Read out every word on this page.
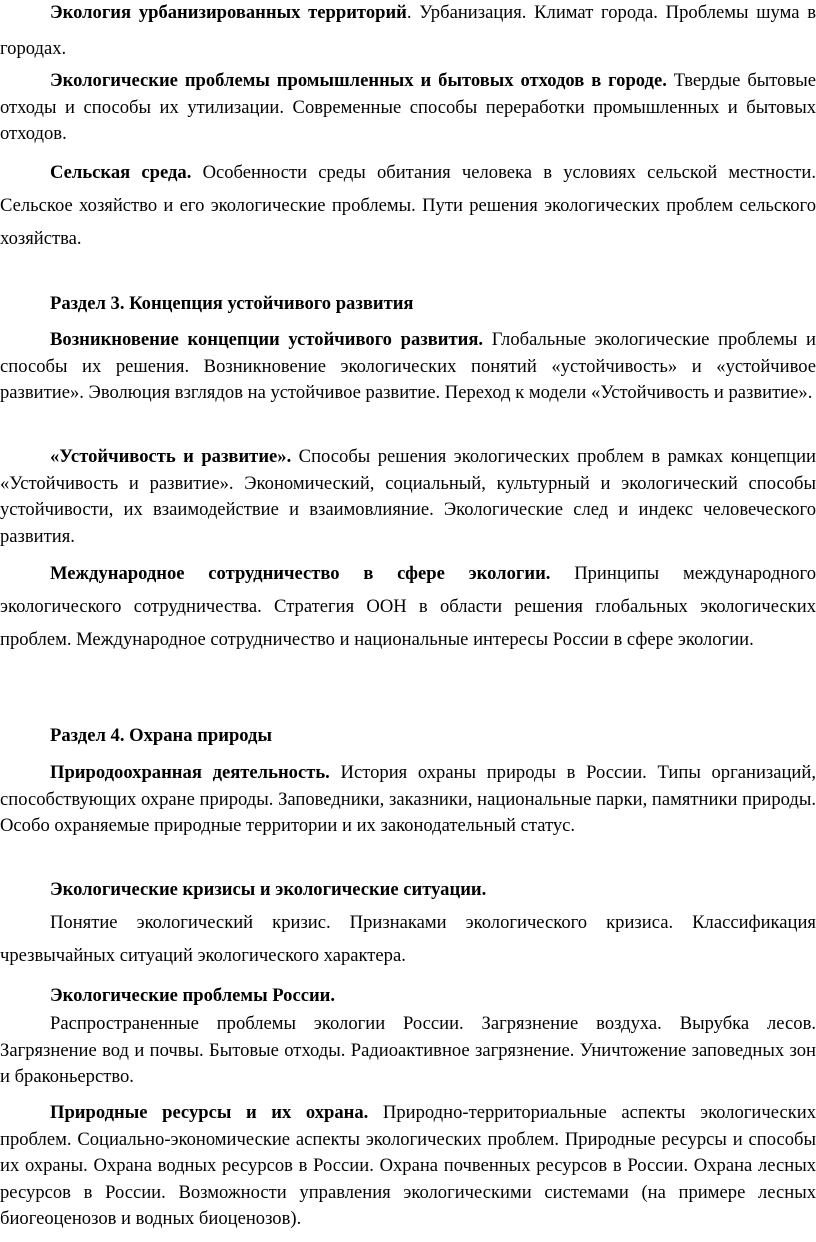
Экология урбанизированных территорий. Урбанизация. Климат города. Проблемы шума в городах.

Экологические проблемы промышленных и бытовых отходов в городе. Твердые бытовые отходы и способы их утилизации. Современные способы переработки промышленных и бытовых отходов.

Сельская среда. Особенности среды обитания человека в условиях сельской местности. Сельское хозяйство и его экологические проблемы. Пути решения экологических проблем сельского хозяйства.

Раздел 3. Концепция устойчивого развития

Возникновение концепции устойчивого развития. Глобальные экологические проблемы и способы их решения. Возникновение экологических понятий «устойчивость» и «устойчивое развитие». Эволюция взглядов на устойчивое развитие. Переход к модели «Устойчивость и развитие».

«Устойчивость и развитие». Способы решения экологических проблем в рамках концепции «Устойчивость и развитие». Экономический, социальный, культурный и экологический способы устойчивости, их взаимодействие и взаимовлияние. Экологические след и индекс человеческого развития.

Международное сотрудничество в сфере экологии. Принципы международного экологического сотрудничества. Стратегия ООН в области решения глобальных экологических проблем. Международное сотрудничество и национальные интересы России в сфере экологии.

Раздел 4. Охрана природы

Природоохранная деятельность. История охраны природы в России. Типы организаций, способствующих охране природы. Заповедники, заказники, национальные парки, памятники природы. Особо охраняемые природные территории и их законодательный статус.

Экологические кризисы и экологические ситуации.

Понятие экологический кризис. Признаками экологического кризиса. Классификация чрезвычайных ситуаций экологического характера.

Экологические проблемы России.

Распространенные проблемы экологии России. Загрязнение воздуха. Вырубка лесов. Загрязнение вод и почвы. Бытовые отходы. Радиоактивное загрязнение. Уничтожение заповедных зон и браконьерство.

Природные ресурсы и их охрана. Природно-территориальные аспекты экологических проблем. Социально-экономические аспекты экологических проблем. Природные ресурсы и способы их охраны. Охрана водных ресурсов в России. Охрана почвенных ресурсов в России. Охрана лесных ресурсов в России. Возможности управления экологическими системами (на примере лесных биогеоценозов и водных биоценозов).
